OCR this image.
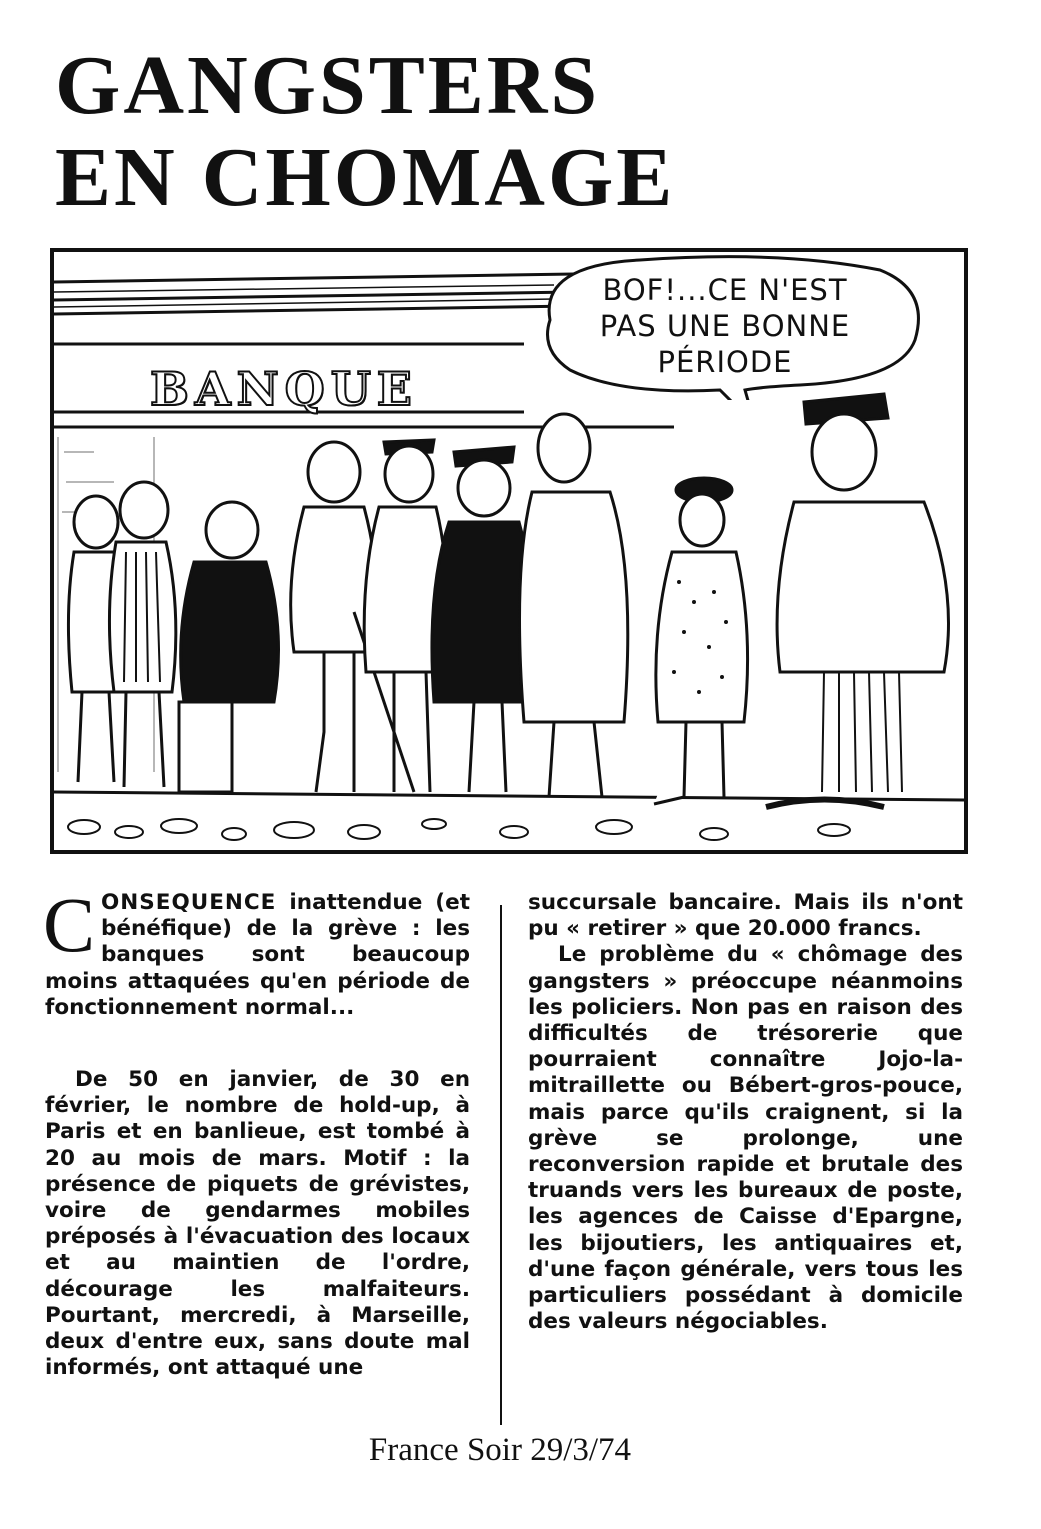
GANGSTERS
EN CHOMAGE
BOF!...CE N'EST
PAS UNE BONNE
PÉRIODE
BANQUE

C ONSEQUENCE inattendue (et bénéfique) de la grève : les banques sont beaucoup moins attaquées qu'en période de fonctionnement normal...

De 50 en janvier, de 30 en février, le nombre de hold-up, à Paris et en banlieue, est tombé à 20 au mois de mars. Motif : la présence de piquets de grévistes, voire de gendarmes mobiles préposés à l'évacuation des locaux et au maintien de l'ordre, décourage les malfaiteurs. Pourtant, mercredi, à Marseille, deux d'entre eux, sans doute mal informés, ont attaqué une

succursale bancaire. Mais ils n'ont pu « retirer » que 20.000 francs.

Le problème du « chômage des gangsters » préoccupe néanmoins les policiers. Non pas en raison des difficultés de trésorerie que pourraient connaître Jojo-la-mitraillette ou Bébert-gros-pouce, mais parce qu'ils craignent, si la grève se prolonge, une reconversion rapide et brutale des truands vers les bureaux de poste, les agences de Caisse d'Epargne, les bijoutiers, les antiquaires et, d'une façon générale, vers tous les particuliers possédant à domicile des valeurs négociables.

France Soir 29/3/74
